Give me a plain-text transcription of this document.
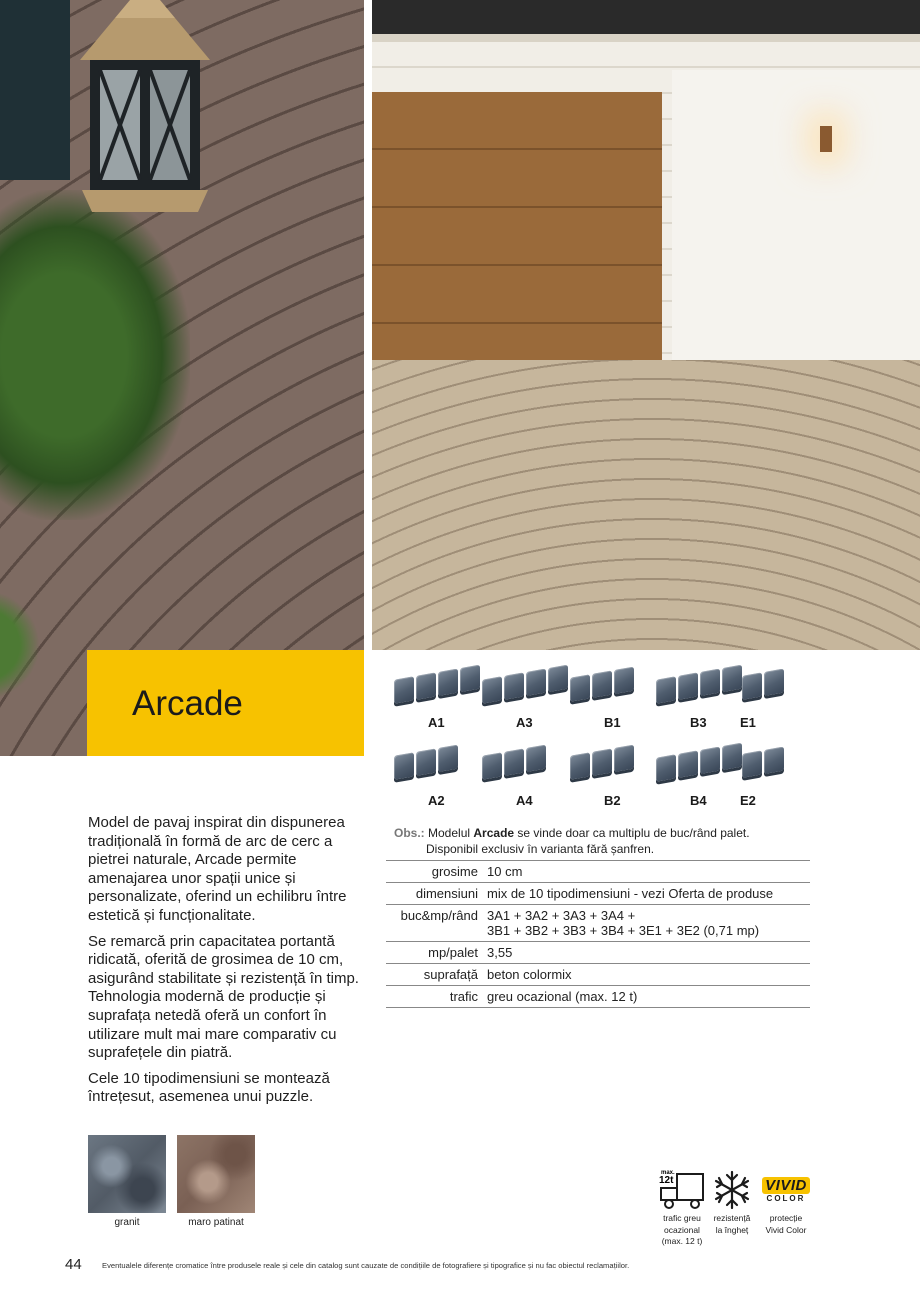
Arcade	A1	A3	B1	B3	E1
A2	A4	B2	B4	E2

Model de pavaj inspirat din dispunerea tradițională în formă de arc de cerc a pietrei naturale, Arcade permite amenajarea unor spații unice și personalizate, oferind un echilibru între estetică și funcționalitate.

Se remarcă prin capacitatea portantă ridicată, oferită de grosimea de 10 cm, asigurând stabilitate și rezistență în timp. Tehnologia modernă de producție și suprafața netedă oferă un confort în utilizare mult mai mare comparativ cu suprafețele din piatră.

Cele 10 tipodimensiuni se montează întrețesut, asemenea unui puzzle.

Obs.: Modelul Arcade se vinde doar ca multiplu de buc/rând palet.
Disponibil exclusiv în varianta fără șanfren.
grosime 10 cm
dimensiuni mix de 10 tipodimensiuni - vezi Oferta de produse
buc&mp/rând 3A1 + 3A2 + 3A3 + 3A4 +
3B1 + 3B2 + 3B3 + 3B4 + 3E1 + 3E2 (0,71 mp)
mp/palet 3,55
suprafață beton colormix
trafic greu ocazional (max. 12 t)
granit	maro patinat
max.
12t
trafic greu
ocazional
(max. 12 t)
rezistență
la îngheț
VIVID
COLOR
protecție
Vivid Color
44	Eventualele diferențe cromatice între produsele reale și cele din catalog sunt cauzate de condițiile de fotografiere și tipografice și nu fac obiectul reclamațiilor.
